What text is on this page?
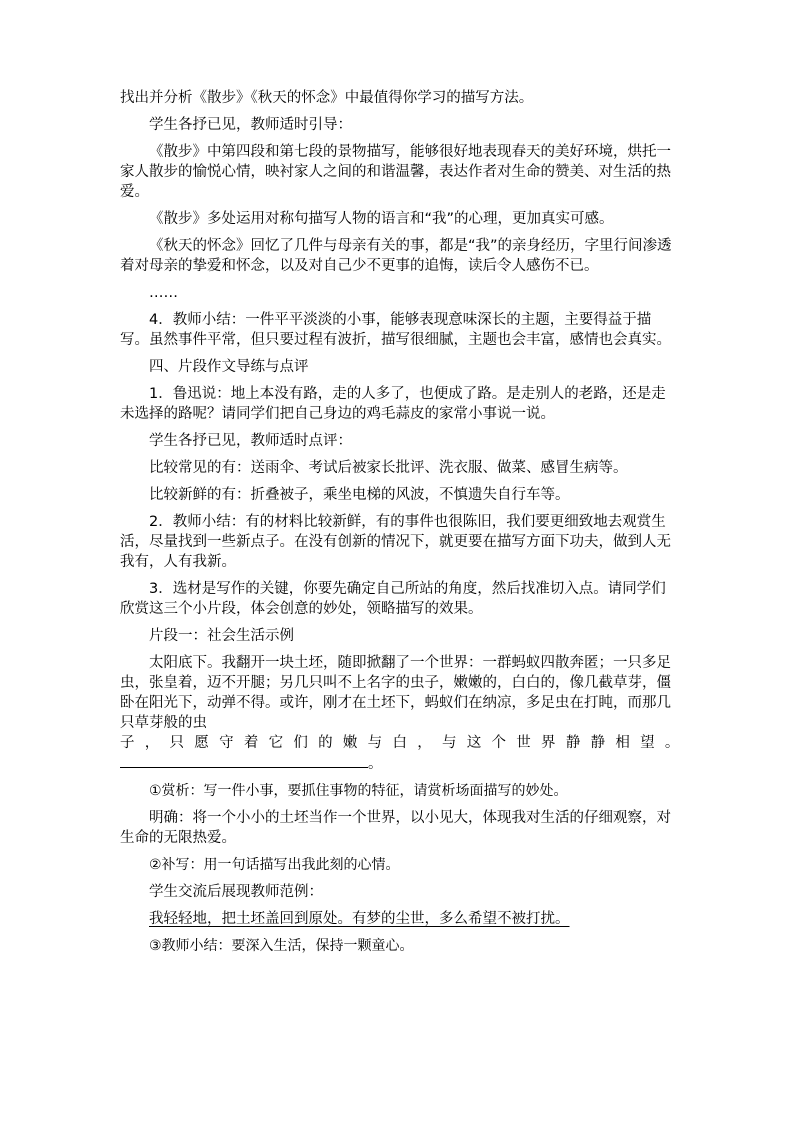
找出并分析《散步》《秋天的怀念》中最值得你学习的描写方法。

学生各抒已见，教师适时引导：

《散步》中第四段和第七段的景物描写，能够很好地表现春天的美好环境，烘托一家人散步的愉悦心情，映衬家人之间的和谐温馨，表达作者对生命的赞美、对生活的热爱。

《散步》多处运用对称句描写人物的语言和“我”的心理，更加真实可感。

《秋天的怀念》回忆了几件与母亲有关的事，都是“我”的亲身经历，字里行间渗透着对母亲的挚爱和怀念，以及对自己少不更事的追悔，读后令人感伤不已。

……

4．教师小结：一件平平淡淡的小事，能够表现意味深长的主题，主要得益于描写。虽然事件平常，但只要过程有波折，描写很细腻，主题也会丰富，感情也会真实。

四、片段作文导练与点评

1．鲁迅说：地上本没有路，走的人多了，也便成了路。是走别人的老路，还是走未选择的路呢？请同学们把自己身边的鸡毛蒜皮的家常小事说一说。

学生各抒已见，教师适时点评：

比较常见的有：送雨伞、考试后被家长批评、洗衣服、做菜、感冒生病等。

比较新鲜的有：折叠被子，乘坐电梯的风波，不慎遗失自行车等。

2．教师小结：有的材料比较新鲜，有的事件也很陈旧，我们要更细致地去观赏生活，尽量找到一些新点子。在没有创新的情况下，就更要在描写方面下功夫，做到人无我有，人有我新。

3．选材是写作的关键，你要先确定自己所站的角度，然后找准切入点。请同学们欣赏这三个小片段，体会创意的妙处，领略描写的效果。

片段一：社会生活示例

太阳底下。我翻开一块土坯，随即掀翻了一个世界：一群蚂蚁四散奔匿；一只多足虫，张皇着，迈不开腿；另几只叫不上名字的虫子，嫩嫩的，白白的，像几截草芽，僵卧在阳光下，动弹不得。或许，刚才在土坯下，蚂蚁们在纳凉，多足虫在打盹，而那几只草芽般的虫

子，只愿守着它们的嫩与白，与这个世界静静相望。

。

①赏析：写一件小事，要抓住事物的特征，请赏析场面描写的妙处。

明确：将一个小小的土坯当作一个世界，以小见大，体现我对生活的仔细观察，对生命的无限热爱。

②补写：用一句话描写出我此刻的心情。

学生交流后展现教师范例：

我轻轻地，把土坯盖回到原处。有梦的尘世，多么希望不被打扰。

③教师小结：要深入生活，保持一颗童心。
